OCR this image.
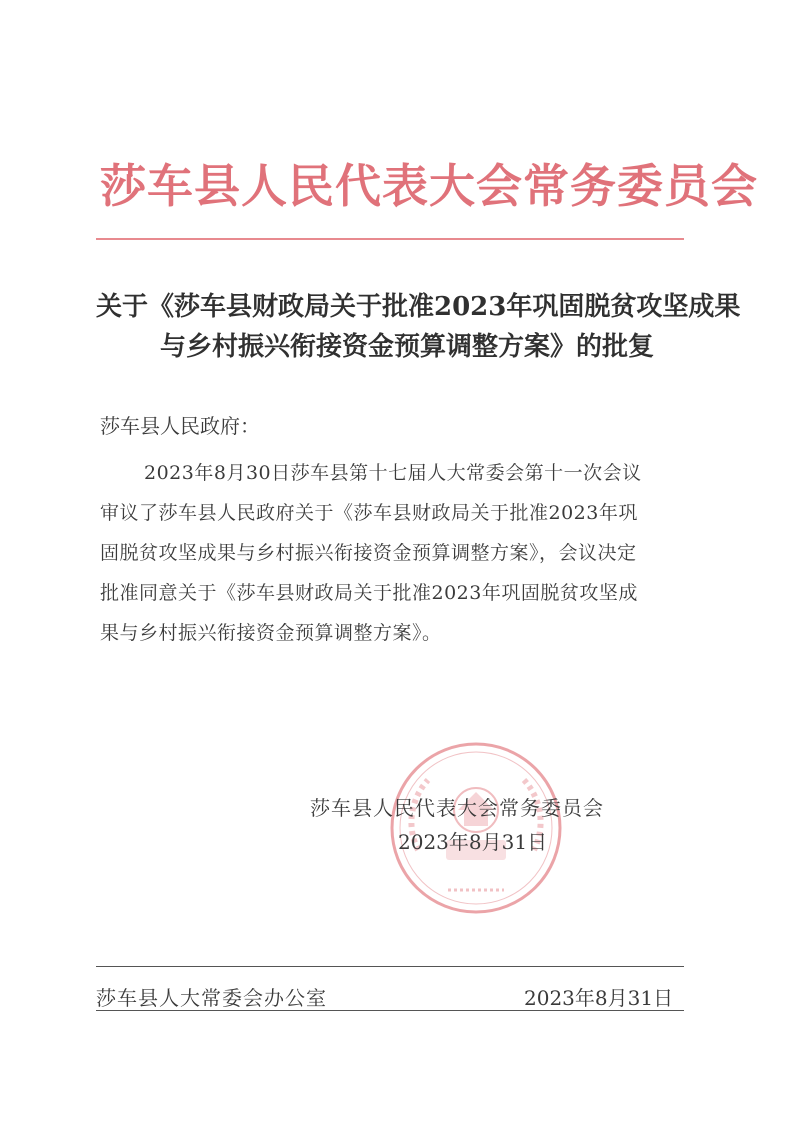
莎车县人民代表大会常务委员会
关于《莎车县财政局关于批准2023年巩固脱贫攻坚成果
与乡村振兴衔接资金预算调整方案》的批复
莎车县人民政府：
2023年8月30日莎车县第十七届人大常委会第十一次会议
审议了莎车县人民政府关于《莎车县财政局关于批准2023年巩
固脱贫攻坚成果与乡村振兴衔接资金预算调整方案》，会议决定
批准同意关于《莎车县财政局关于批准2023年巩固脱贫攻坚成
果与乡村振兴衔接资金预算调整方案》。
莎车县人民代表大会常务委员会
2023年8月31日
莎车县人大常委会办公室	2023年8月31日
